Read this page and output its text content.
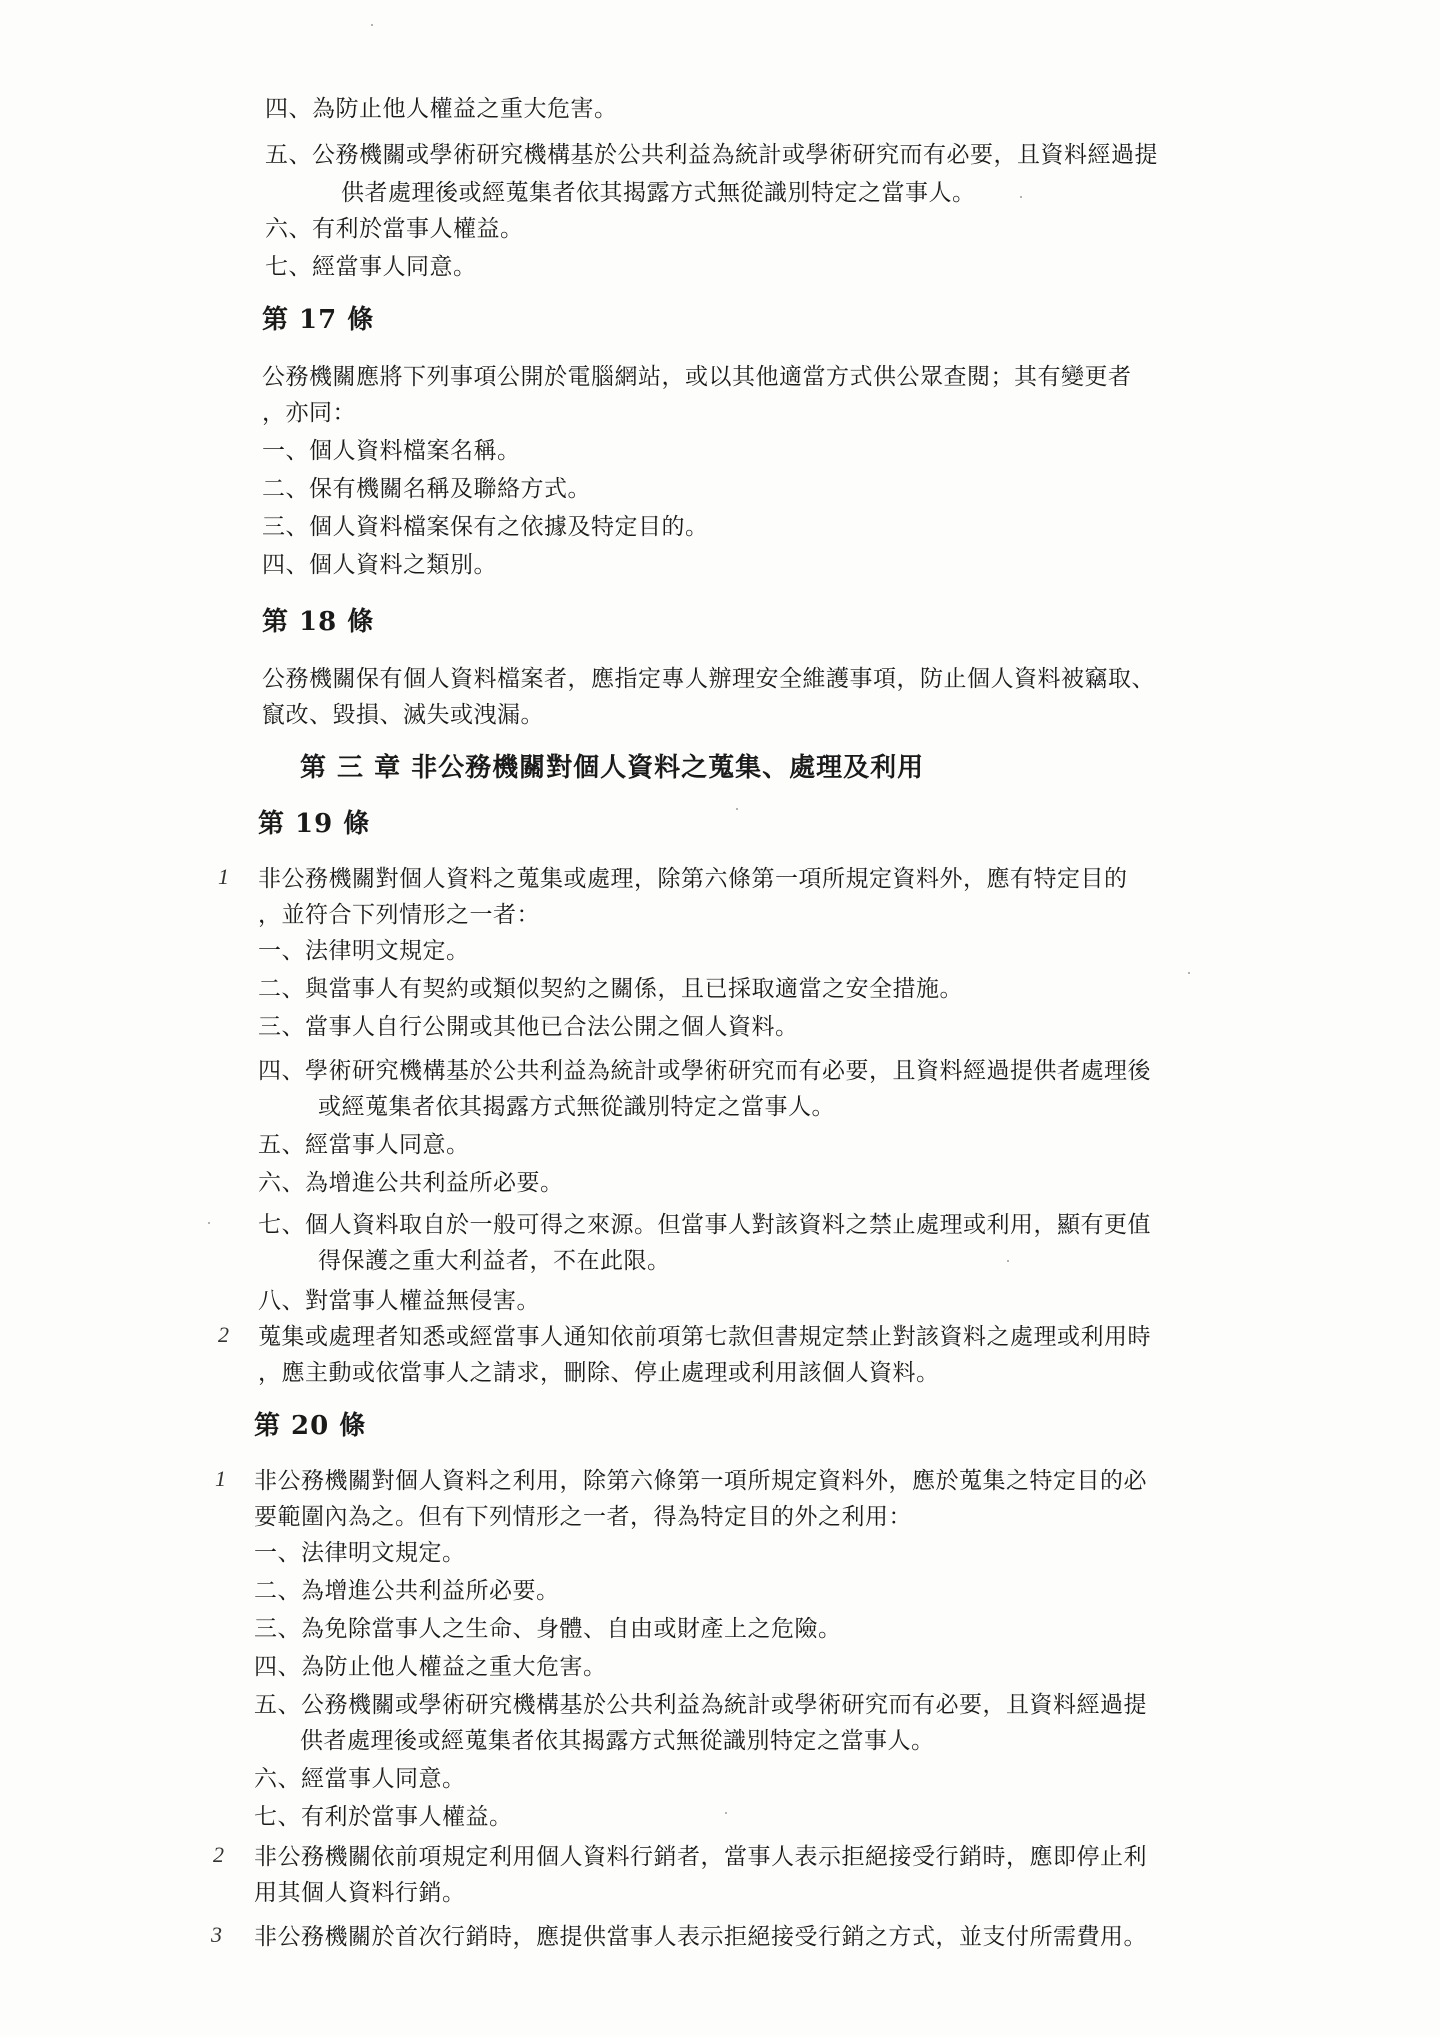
四、為防止他人權益之重大危害。
五、公務機關或學術研究機構基於公共利益為統計或學術研究而有必要，且資料經過提
供者處理後或經蒐集者依其揭露方式無從識別特定之當事人。
六、有利於當事人權益。
七、經當事人同意。
第 17 條
公務機關應將下列事項公開於電腦網站，或以其他適當方式供公眾查閱；其有變更者
，亦同：
一、個人資料檔案名稱。
二、保有機關名稱及聯絡方式。
三、個人資料檔案保有之依據及特定目的。
四、個人資料之類別。
第 18 條
公務機關保有個人資料檔案者，應指定專人辦理安全維護事項，防止個人資料被竊取、
竄改、毀損、滅失或洩漏。
第 三 章 非公務機關對個人資料之蒐集、處理及利用
第 19 條
1 非公務機關對個人資料之蒐集或處理，除第六條第一項所規定資料外，應有特定目的
，並符合下列情形之一者：
一、法律明文規定。
二、與當事人有契約或類似契約之關係，且已採取適當之安全措施。
三、當事人自行公開或其他已合法公開之個人資料。
四、學術研究機構基於公共利益為統計或學術研究而有必要，且資料經過提供者處理後
或經蒐集者依其揭露方式無從識別特定之當事人。
五、經當事人同意。
六、為增進公共利益所必要。
七、個人資料取自於一般可得之來源。但當事人對該資料之禁止處理或利用，顯有更值
得保護之重大利益者，不在此限。
八、對當事人權益無侵害。
2 蒐集或處理者知悉或經當事人通知依前項第七款但書規定禁止對該資料之處理或利用時
，應主動或依當事人之請求，刪除、停止處理或利用該個人資料。
第 20 條
1 非公務機關對個人資料之利用，除第六條第一項所規定資料外，應於蒐集之特定目的必
要範圍內為之。但有下列情形之一者，得為特定目的外之利用：
一、法律明文規定。
二、為增進公共利益所必要。
三、為免除當事人之生命、身體、自由或財產上之危險。
四、為防止他人權益之重大危害。
五、公務機關或學術研究機構基於公共利益為統計或學術研究而有必要，且資料經過提
供者處理後或經蒐集者依其揭露方式無從識別特定之當事人。
六、經當事人同意。
七、有利於當事人權益。
2 非公務機關依前項規定利用個人資料行銷者，當事人表示拒絕接受行銷時，應即停止利
用其個人資料行銷。
3 非公務機關於首次行銷時，應提供當事人表示拒絕接受行銷之方式，並支付所需費用。
